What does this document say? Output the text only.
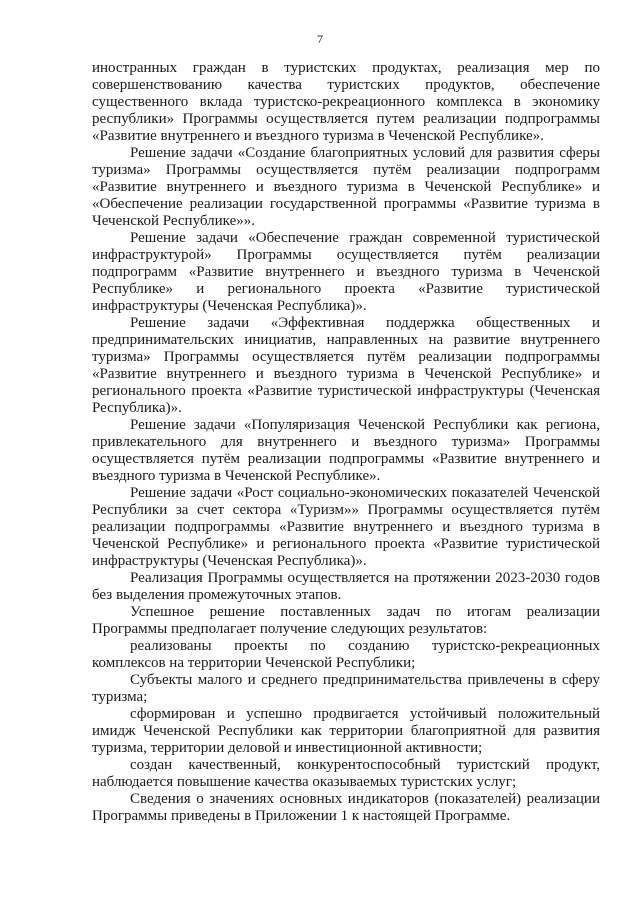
7

иностранных граждан в туристских продуктах, реализация мер по совершенствованию качества туристских продуктов, обеспечение существенного вклада туристско-рекреационного комплекса в экономику республики» Программы осуществляется путем реализации подпрограммы «Развитие внутреннего и въездного туризма в Чеченской Республике».

Решение задачи «Создание благоприятных условий для развития сферы туризма» Программы осуществляется путём реализации подпрограмм «Развитие внутреннего и въездного туризма в Чеченской Республике» и «Обеспечение реализации государственной программы «Развитие туризма в Чеченской Республике»».

Решение задачи «Обеспечение граждан современной туристической инфраструктурой» Программы осуществляется путём реализации подпрограмм «Развитие внутреннего и въездного туризма в Чеченской Республике» и регионального проекта «Развитие туристической инфраструктуры (Чеченская Республика)».

Решение задачи «Эффективная поддержка общественных и предпринимательских инициатив, направленных на развитие внутреннего туризма» Программы осуществляется путём реализации подпрограммы «Развитие внутреннего и въездного туризма в Чеченской Республике» и регионального проекта «Развитие туристической инфраструктуры (Чеченская Республика)».

Решение задачи «Популяризация Чеченской Республики как региона, привлекательного для внутреннего и въездного туризма» Программы осуществляется путём реализации подпрограммы «Развитие внутреннего и въездного туризма в Чеченской Республике».

Решение задачи «Рост социально-экономических показателей Чеченской Республики за счет сектора «Туризм»» Программы осуществляется путём реализации подпрограммы «Развитие внутреннего и въездного туризма в Чеченской Республике» и регионального проекта «Развитие туристической инфраструктуры (Чеченская Республика)».

Реализация Программы осуществляется на протяжении 2023-2030 годов без выделения промежуточных этапов.

Успешное решение поставленных задач по итогам реализации Программы предполагает получение следующих результатов:

реализованы проекты по созданию туристско-рекреационных комплексов на территории Чеченской Республики;

Субъекты малого и среднего предпринимательства привлечены в сферу туризма;

сформирован и успешно продвигается устойчивый положительный имидж Чеченской Республики как территории благоприятной для развития туризма, территории деловой и инвестиционной активности;

создан качественный, конкурентоспособный туристский продукт, наблюдается повышение качества оказываемых туристских услуг;

Сведения о значениях основных индикаторов (показателей) реализации Программы приведены в Приложении 1 к настоящей Программе.
